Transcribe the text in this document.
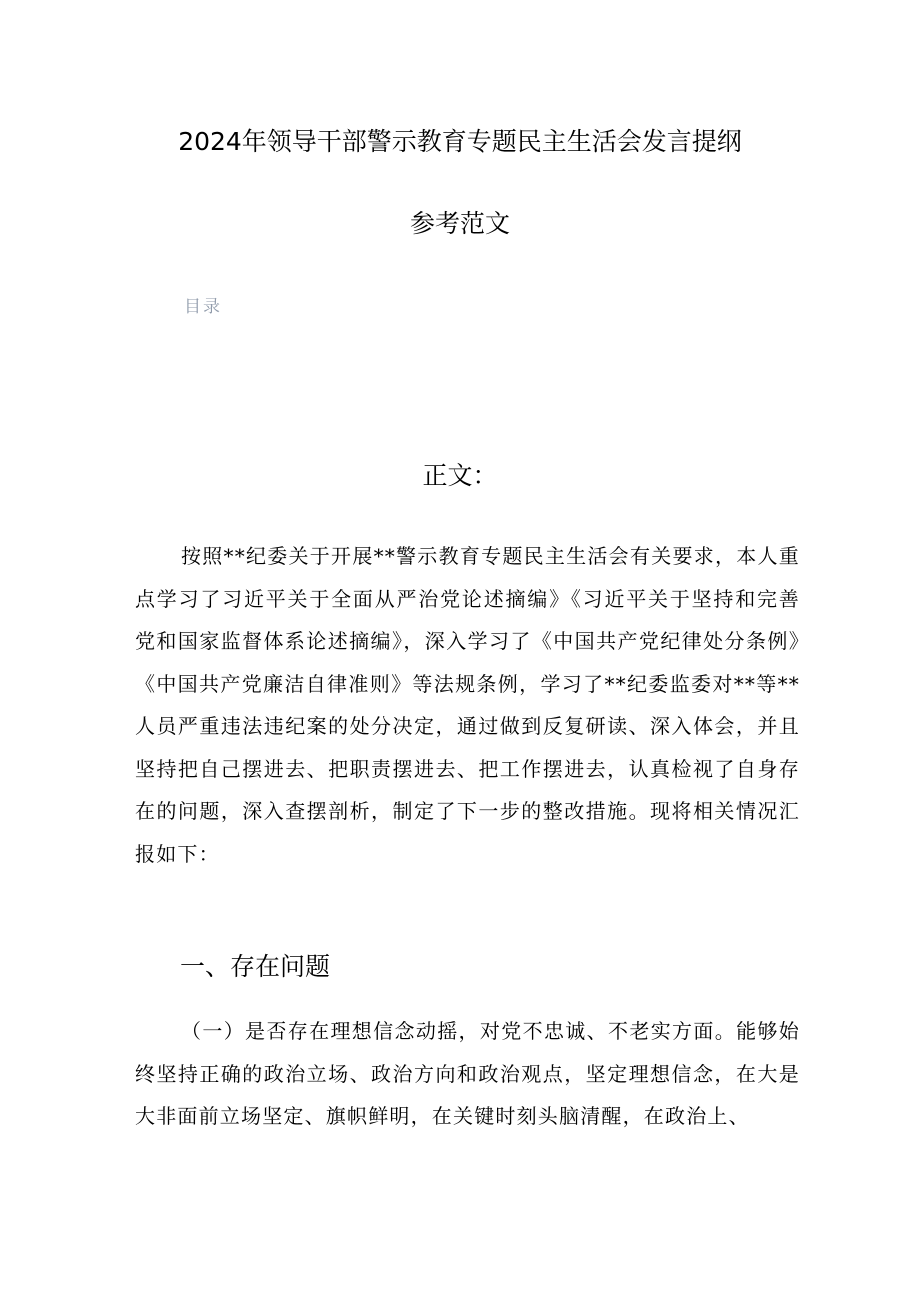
2024年领导干部警示教育专题民主生活会发言提纲
参考范文
目录
正文：

按照**纪委关于开展**警示教育专题民主生活会有关要求，本人重点学习了习近平关于全面从严治党论述摘编》《习近平关于坚持和完善党和国家监督体系论述摘编》，深入学习了《中国共产党纪律处分条例》《中国共产党廉洁自律准则》等法规条例，学习了**纪委监委对**等**人员严重违法违纪案的处分决定，通过做到反复研读、深入体会，并且坚持把自己摆进去、把职责摆进去、把工作摆进去，认真检视了自身存在的问题，深入查摆剖析，制定了下一步的整改措施。现将相关情况汇报如下：

一、存在问题

（一）是否存在理想信念动摇，对党不忠诚、不老实方面。能够始终坚持正确的政治立场、政治方向和政治观点，坚定理想信念，在大是大非面前立场坚定、旗帜鲜明，在关键时刻头脑清醒，在政治上、
